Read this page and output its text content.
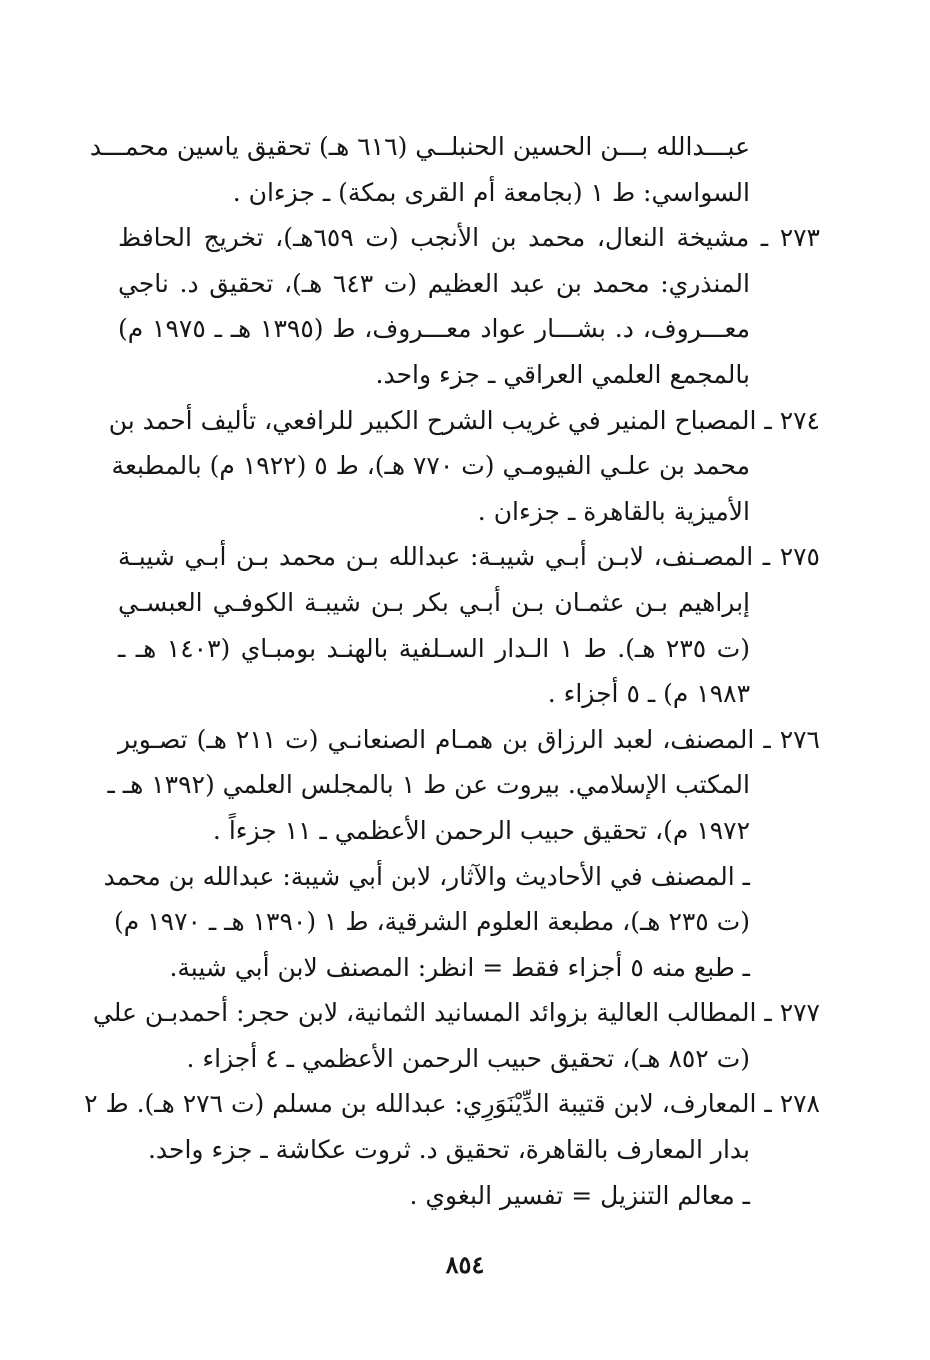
عبـــدالله بـــن الحسين الحنبلــي (٦١٦ هـ) تحقيق ياسين محمـــد
السواسي: ط ١ (بجامعة أم القرى بمكة) ـ جزءان .
٢٧٣ ـ مشيخة النعال، محمد بن الأنجب (ت ٦٥٩هـ)، تخريج الحافظ
المنذري: محمد بن عبد العظيم (ت ٦٤٣ هـ)، تحقيق د. ناجي
معـــروف، د. بشـــار عواد معـــروف، ط (١٣٩٥ هـ ـ ١٩٧٥ م)
بالمجمع العلمي العراقي ـ جزء واحد.
٢٧٤ ـ المصباح المنير في غريب الشرح الكبير للرافعي، تأليف أحمد بن
محمد بن علـي الفيومـي (ت ٧٧٠ هـ)، ط ٥ (١٩٢٢ م) بالمطبعة
الأميزية بالقاهرة ـ جزءان .
٢٧٥ ـ المصـنف، لابـن أبـي شيبـة: عبدالله بـن محمد بـن أبـي شيبـة
إبراهيم بـن عثمـان بـن أبـي بكر بـن شيبـة الكوفـي العبسـي
(ت ٢٣٥ هـ). ط ١ الـدار السـلفية بالهنـد بومبـاي (١٤٠٣ هـ ـ
١٩٨٣ م) ـ ٥ أجزاء .
٢٧٦ ـ المصنف، لعبد الرزاق بن همـام الصنعانـي (ت ٢١١ هـ) تصـوير
المكتب الإسلامي. بيروت عن ط ١ بالمجلس العلمي (١٣٩٢ هـ ـ
١٩٧٢ م)، تحقيق حبيب الرحمن الأعظمي ـ ١١ جزءاً .
ـ المصنف في الأحاديث والآثار، لابن أبي شيبة: عبدالله بن محمد
(ت ٢٣٥ هـ)، مطبعة العلوم الشرقية، ط ١ (١٣٩٠ هـ ـ ١٩٧٠ م)
ـ طبع منه ٥ أجزاء فقط = انظر: المصنف لابن أبي شيبة.
٢٧٧ ـ المطالب العالية بزوائد المسانيد الثمانية، لابن حجر: أحمدبـن علي
(ت ٨٥٢ هـ)، تحقيق حبيب الرحمن الأعظمي ـ ٤ أجزاء .
٢٧٨ ـ المعارف، لابن قتيبة الدِّيْنَوَرِي: عبدالله بن مسلم (ت ٢٧٦ هـ). ط ٢
بدار المعارف بالقاهرة، تحقيق د. ثروت عكاشة ـ جزء واحد.
ـ معالم التنزيل = تفسير البغوي .
٨٥٤
